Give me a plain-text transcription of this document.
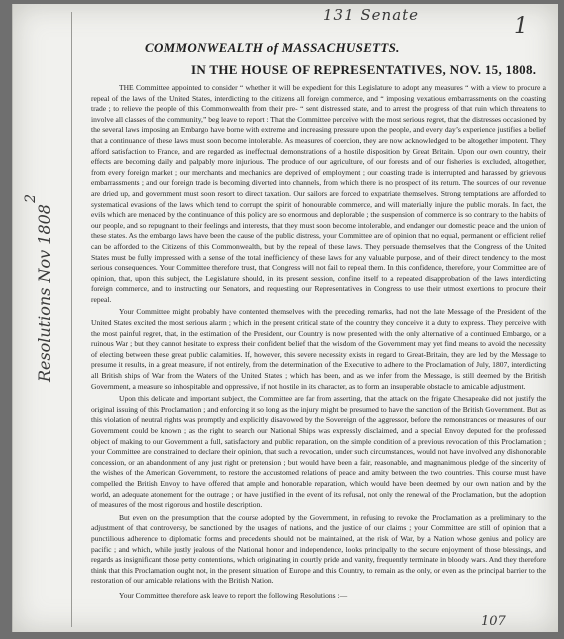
131 Senate	1
2
Resolutions Nov 1808
COMMONWEALTH of MASSACHUSETTS.
IN THE HOUSE OF REPRESENTATIVES, NOV. 15, 1808.

THE Committee appointed to consider “ whether it will be expedient for this Legislature to adopt any measures “ with a view to procure a repeal of the laws of the United States, interdicting to the citizens all foreign commerce, and “ imposing vexatious embarrassments on the coasting trade ; to relieve the people of this Commonwealth from their pre- “ sent distressed state, and to arrest the progress of that ruin which threatens to involve all classes of the community,” beg leave to report : That the Committee perceive with the most serious regret, that the distresses occasioned by the several laws imposing an Embargo have borne with extreme and increasing pressure upon the people, and every day’s experience justifies a belief that a continuance of these laws must soon become intolerable. As measures of coercion, they are now acknowledged to be altogether impotent. They afford satisfaction to France, and are regarded as ineffectual demonstrations of a hostile disposition by Great Britain. Upon our own country, their effects are becoming daily and palpably more injurious. The produce of our agriculture, of our forests and of our fisheries is excluded, altogether, from every foreign market ; our merchants and mechanics are deprived of employment ; our coasting trade is interrupted and harassed by grievous embarrassments ; and our foreign trade is becoming diverted into channels, from which there is no prospect of its return. The sources of our revenue are dried up, and government must soon resort to direct taxation. Our sailors are forced to expatriate themselves. Strong temptations are afforded to systematical evasions of the laws which tend to corrupt the spirit of honourable commerce, and will materially injure the public morals. In fact, the evils which are menaced by the continuance of this policy are so enormous and deplorable ; the suspension of commerce is so contrary to the habits of our people, and so repugnant to their feelings and interests, that they must soon become intolerable, and endanger our domestic peace and the union of these states. As the embargo laws have been the cause of the public distress, your Committee are of opinion that no equal, permanent or efficient relief can be afforded to the Citizens of this Commonwealth, but by the repeal of these laws. They persuade themselves that the Congress of the United States must be fully impressed with a sense of the total inefficiency of these laws for any valuable purpose, and of their direct tendency to the most serious consequences. Your Committee therefore trust, that Congress will not fail to repeal them. In this confidence, therefore, your Committee are of opinion, that, upon this subject, the Legislature should, in its present session, confine itself to a repeated disapprobation of the laws interdicting foreign commerce, and to instructing our Senators, and requesting our Representatives in Congress to use their utmost exertions to procure their repeal.

Your Committee might probably have contented themselves with the preceding remarks, had not the late Message of the President of the United States excited the most serious alarm ; which in the present critical state of the country they conceive it a duty to express. They perceive with the most painful regret, that, in the estimation of the President, our Country is now presented with the only alternative of a continued Embargo, or a ruinous War ; but they cannot hesitate to express their confident belief that the wisdom of the Government may yet find means to avoid the necessity of electing between these great public calamities. If, however, this severe necessity exists in regard to Great-Britain, they are led by the Message to presume it results, in a great measure, if not entirely, from the determination of the Executive to adhere to the Proclamation of July, 1807, interdicting all British ships of War from the Waters of the United States ; which has been, and as we infer from the Message, is still deemed by the British Government, a measure so inhospitable and oppressive, if not hostile in its character, as to form an insuperable obstacle to amicable adjustment.

Upon this delicate and important subject, the Committee are far from asserting, that the attack on the frigate Chesapeake did not justify the original issuing of this Proclamation ; and enforcing it so long as the injury might be presumed to have the sanction of the British Government. But as this violation of neutral rights was promptly and explicitly disavowed by the Sovereign of the aggressor, before the remonstrances or measures of our Government could be known ; as the right to search our National Ships was expressly disclaimed, and a special Envoy deputed for the professed object of making to our Government a full, satisfactory and public reparation, on the simple condition of a previous revocation of this Proclamation ; your Committee are constrained to declare their opinion, that such a revocation, under such circumstances, would not have involved any dishonorable concession, or an abandonment of any just right or pretension ; but would have been a fair, reasonable, and magnanimous pledge of the sincerity of the wishes of the American Government, to restore the accustomed relations of peace and amity between the two countries. This course must have compelled the British Envoy to have offered that ample and honorable reparation, which would have been deemed by our own nation and by the world, an adequate atonement for the outrage ; or have justified in the event of its refusal, not only the renewal of the Proclamation, but the adoption of measures of the most rigorous and hostile description.

But even on the presumption that the course adopted by the Government, in refusing to revoke the Proclamation as a preliminary to the adjustment of that controversy, be sanctioned by the usages of nations, and the justice of our claims ; your Committee are still of opinion that a punctilious adherence to diplomatic forms and precedents should not be maintained, at the risk of War, by a Nation whose genius and policy are pacific ; and which, while justly jealous of the National honor and independence, looks principally to the secure enjoyment of those blessings, and regards as insignificant those petty contentions, which originating in courtly pride and vanity, frequently terminate in bloody wars. And they therefore think that this Proclamation ought not, in the present situation of Europe and this Country, to remain as the only, or even as the principal barrier to the restoration of our amicable relations with the British Nation.

Your Committee therefore ask leave to report the following Resolutions :—

107
